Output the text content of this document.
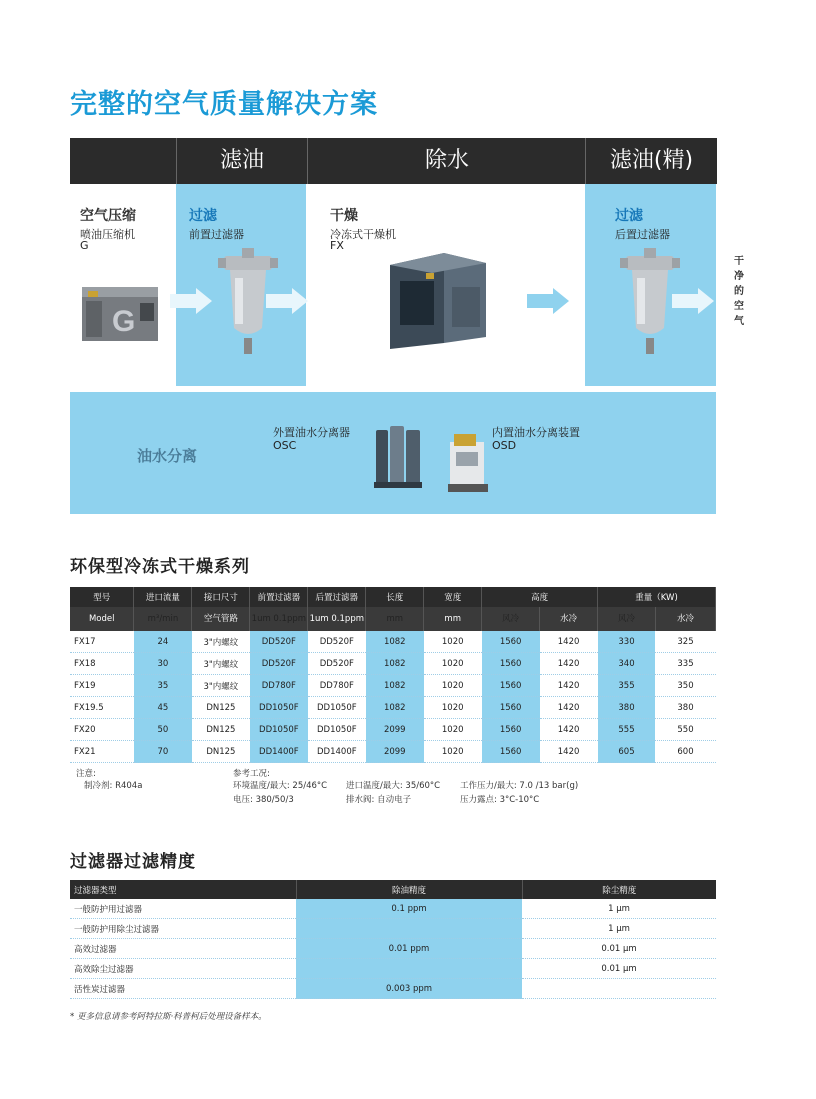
完整的空气质量解决方案
滤油	除水	滤油(精)
空气压缩
喷油压缩机
G
G
过滤
前置过滤器
干燥
冷冻式干燥机
FX
过滤
后置过滤器
干净的空气
油水分离
外置油水分离器
OSC
内置油水分离装置
OSD
环保型冷冻式干燥系列
型号	进口流量	接口尺寸	前置过滤器	后置过滤器	长度	宽度	高度		重量（KW)	
Model	m³/min	空气管路	1um 0.1ppm	1um 0.1ppm	mm	mm	风冷	水冷	风冷	水冷
FX17	24	3"内螺纹	DD520F	DD520F	1082	1020	1560	1420	330	325
FX18	30	3"内螺纹	DD520F	DD520F	1082	1020	1560	1420	340	335
FX19	35	3"内螺纹	DD780F	DD780F	1082	1020	1560	1420	355	350
FX19.5	45	DN125	DD1050F	DD1050F	1082	1020	1560	1420	380	380
FX20	50	DN125	DD1050F	DD1050F	2099	1020	1560	1420	555	550
FX21	70	DN125	DD1400F	DD1400F	2099	1020	1560	1420	605	600
注意:
制冷剂: R404a
参考工况:
环境温度/最大: 25/46°C 进口温度/最大: 35/60°C 工作压力/最大: 7.0 /13 bar(g)
电压: 380/50/3	排水阀: 自动电子	压力露点: 3°C-10°C
过滤器过滤精度
过滤器类型	除油精度	除尘精度
一般防护用过滤器	0.1 ppm	1 μm
一般防护用除尘过滤器		1 μm
高效过滤器	0.01 ppm	0.01 μm
高效除尘过滤器		0.01 μm
活性炭过滤器	0.003 ppm	
* 更多信息请参考阿特拉斯·科普柯后处理设备样本。
